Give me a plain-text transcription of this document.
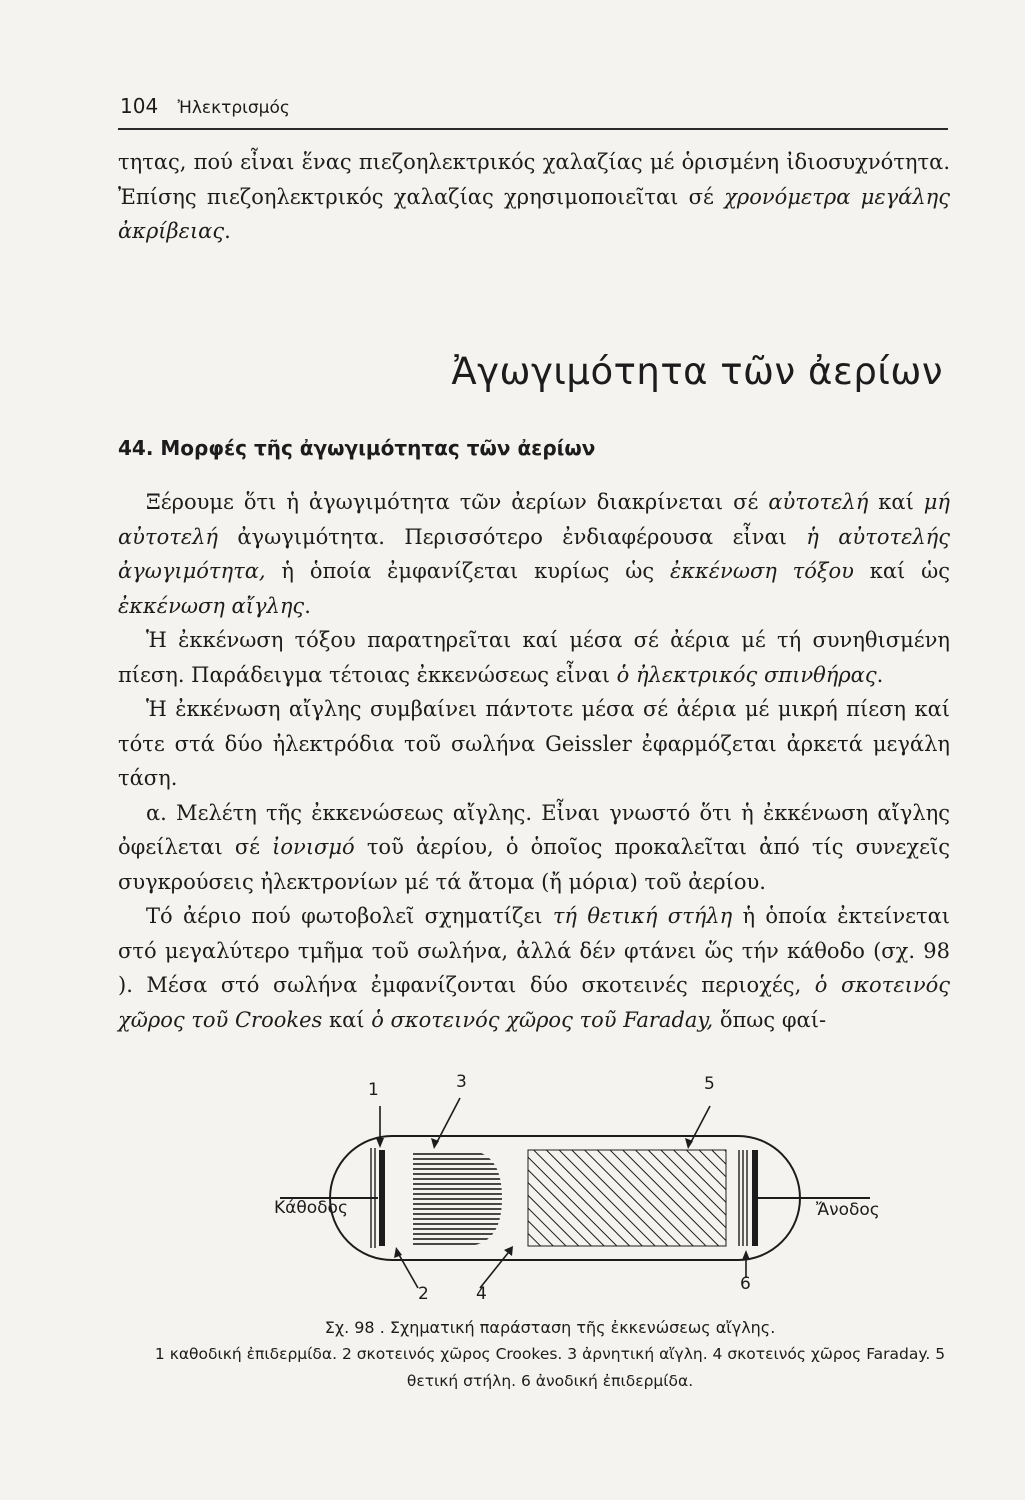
104 Ἠλεκτρισμός

τητας, πού εἶναι ἕνας πιεζοηλεκτρικός χαλαζίας μέ ὁρισμένη ἰδιοσυχνότητα. Ἐπίσης πιεζοηλεκτρικός χαλαζίας χρησιμοποιεῖται σέ χρονόμετρα μεγάλης ἀκρίβειας.

Ἀγωγιμότητα τῶν ἀερίων
44. Μορφές τῆς ἀγωγιμότητας τῶν ἀερίων

Ξέρουμε ὅτι ἡ ἀγωγιμότητα τῶν ἀερίων διακρίνεται σέ αὐτοτελή καί μή αὐτοτελή ἀγωγιμότητα. Περισσότερο ἐνδιαφέρουσα εἶναι ἡ αὐτοτελής ἀγωγιμότητα, ἡ ὁποία ἐμφανίζεται κυρίως ὡς ἐκκένωση τόξου καί ὡς ἐκκένωση αἴγλης.

Ἡ ἐκκένωση τόξου παρατηρεῖται καί μέσα σέ ἀέρια μέ τή συνηθισμένη πίεση. Παράδειγμα τέτοιας ἐκκενώσεως εἶναι ὁ ἠλεκτρικός σπινθήρας.

Ἡ ἐκκένωση αἴγλης συμβαίνει πάντοτε μέσα σέ ἀέρια μέ μικρή πίεση καί τότε στά δύο ἠλεκτρόδια τοῦ σωλήνα Geissler ἐφαρμόζεται ἀρκετά μεγάλη τάση.

α. Μελέτη τῆς ἐκκενώσεως αἴγλης. Εἶναι γνωστό ὅτι ἡ ἐκκένωση αἴγλης ὀφείλεται σέ ἰονισμό τοῦ ἀερίου, ὁ ὁποῖος προκαλεῖται ἀπό τίς συνεχεῖς συγκρούσεις ἠλεκτρονίων μέ τά ἄτομα (ἤ μόρια) τοῦ ἀερίου.

Τό ἀέριο πού φωτοβολεῖ σχηματίζει τή θετική στήλη ἡ ὁποία ἐκτείνεται στό μεγαλύτερο τμῆμα τοῦ σωλήνα, ἀλλά δέν φτάνει ὥς τήν κάθοδο (σχ. 98 ). Μέσα στό σωλήνα ἐμφανίζονται δύο σκοτεινές περιοχές, ὁ σκοτεινός χῶρος τοῦ Crookes καί ὁ σκοτεινός χῶρος τοῦ Faraday, ὅπως φαί-

Κάθοδος	Ἄνοδος
1	3	5
2	4	6
Σχ. 98 . Σχηματική παράσταση τῆς ἐκκενώσεως αἴγλης.
1 καθοδική ἐπιδερμίδα. 2 σκοτεινός χῶρος Crookes. 3 ἀρνητική αἴγλη. 4 σκοτεινός χῶρος Faraday. 5 θετική στήλη. 6 ἀνοδική ἐπιδερμίδα.
